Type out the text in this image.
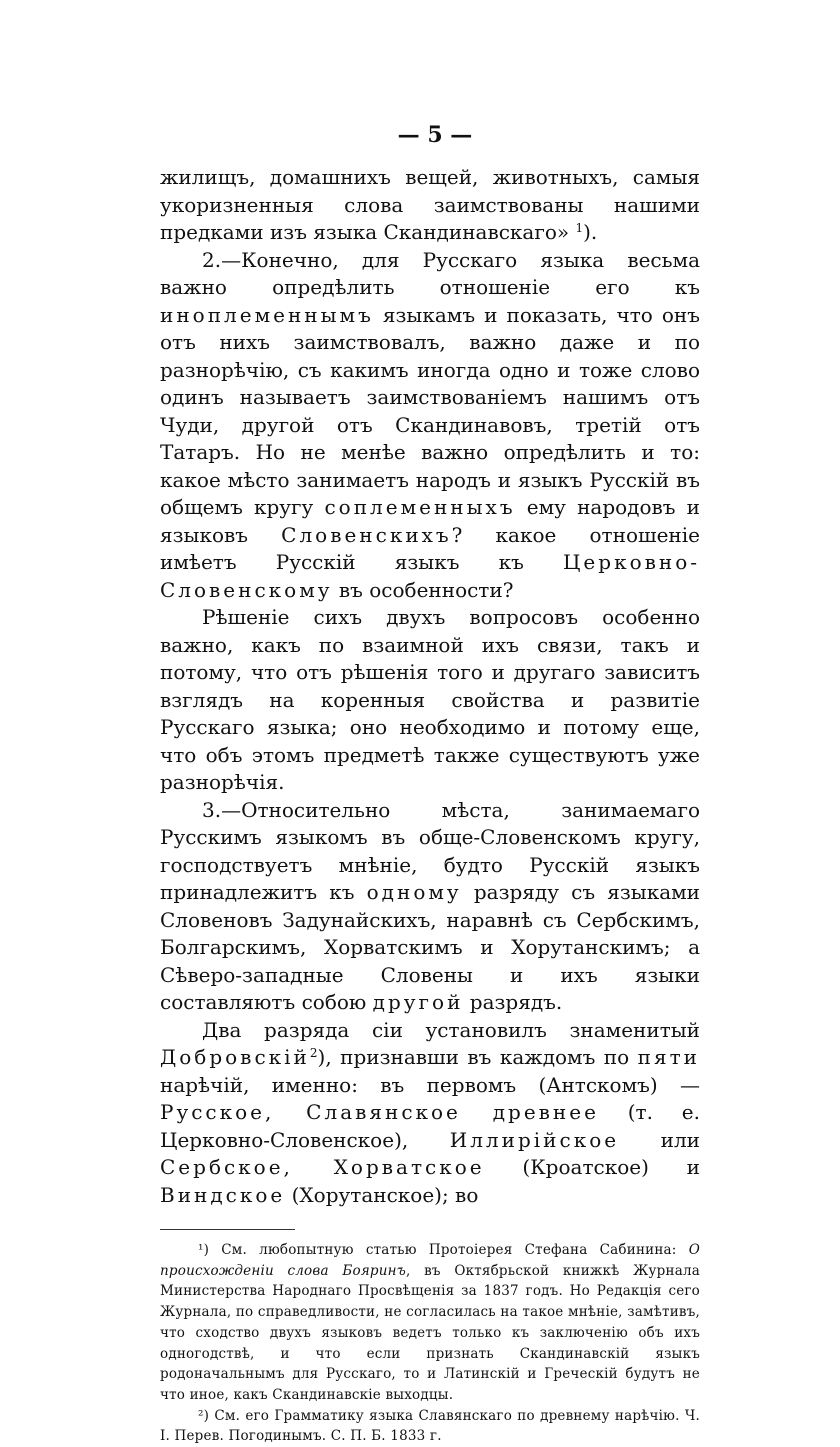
— 5 —

жилищъ, домашнихъ вещей, животныхъ, самыя укоризненныя слова заимствованы нашими предками изъ языка Скандинавскаго» $^1$).

2.—Конечно, для Русскаго языка весьма важно опредѣлить отношеніе его къ иноплеменнымъ языкамъ и показать, что онъ отъ нихъ заимствовалъ, важно даже и по разнорѣчію, съ какимъ иногда одно и тоже слово одинъ называетъ заимствованіемъ нашимъ отъ Чуди, другой отъ Скандинавовъ, третій отъ Татаръ. Но не менѣе важно опредѣлить и то: какое мѣсто занимаетъ народъ и языкъ Русскій въ общемъ кругу соплеменныхъ ему народовъ и языковъ Словенскихъ? какое отношеніе имѣетъ Русскій языкъ къ Церковно-Словенскому въ особенности?

Рѣшеніе сихъ двухъ вопросовъ особенно важно, какъ по взаимной ихъ связи, такъ и потому, что отъ рѣшенія того и другаго зависитъ взглядъ на коренныя свойства и развитіе Русскаго языка; оно необходимо и потому еще, что объ этомъ предметѣ также существуютъ уже разнорѣчія.

3.—Относительно мѣста, занимаемаго Русскимъ языкомъ въ обще-Словенскомъ кругу, господствуетъ мнѣніе, будто Русскій языкъ принадлежитъ къ одному разряду съ языками Словеновъ Задунайскихъ, наравнѣ съ Сербскимъ, Болгарскимъ, Хорватскимъ и Хорутанскимъ; а Сѣверо-западные Словены и ихъ языки составляютъ собою другой разрядъ.

Два разряда сіи установилъ знаменитый Добровскій$^2$), признавши въ каждомъ по пяти нарѣчій, именно: въ первомъ (Антскомъ) — Русское, Славянское древнее (т. е. Церковно-Словенское), Иллирійское или Сербское, Хорватское (Кроатское) и Виндское (Хорутанское); во

¹) См. любопытную статью Протоіерея Стефана Сабинина: О происхожденіи слова Бояринъ, въ Октябрьской книжкѣ Журнала Министерства Народнаго Просвѣщенія за 1837 годъ. Но Редакція сего Журнала, по справедливости, не согласилась на такое мнѣніе, замѣтивъ, что сходство двухъ языковъ ведетъ только къ заключенію объ ихъ одногодствѣ, и что если признать Скандинавскій языкъ родоначальнымъ для Русскаго, то и Латинскій и Греческій будутъ не что иное, какъ Скандинавскіе выходцы.

²) См. его Грамматику языка Славянскаго по древнему нарѣчію. Ч. I. Перев. Погодинымъ. С. П. Б. 1833 г.
